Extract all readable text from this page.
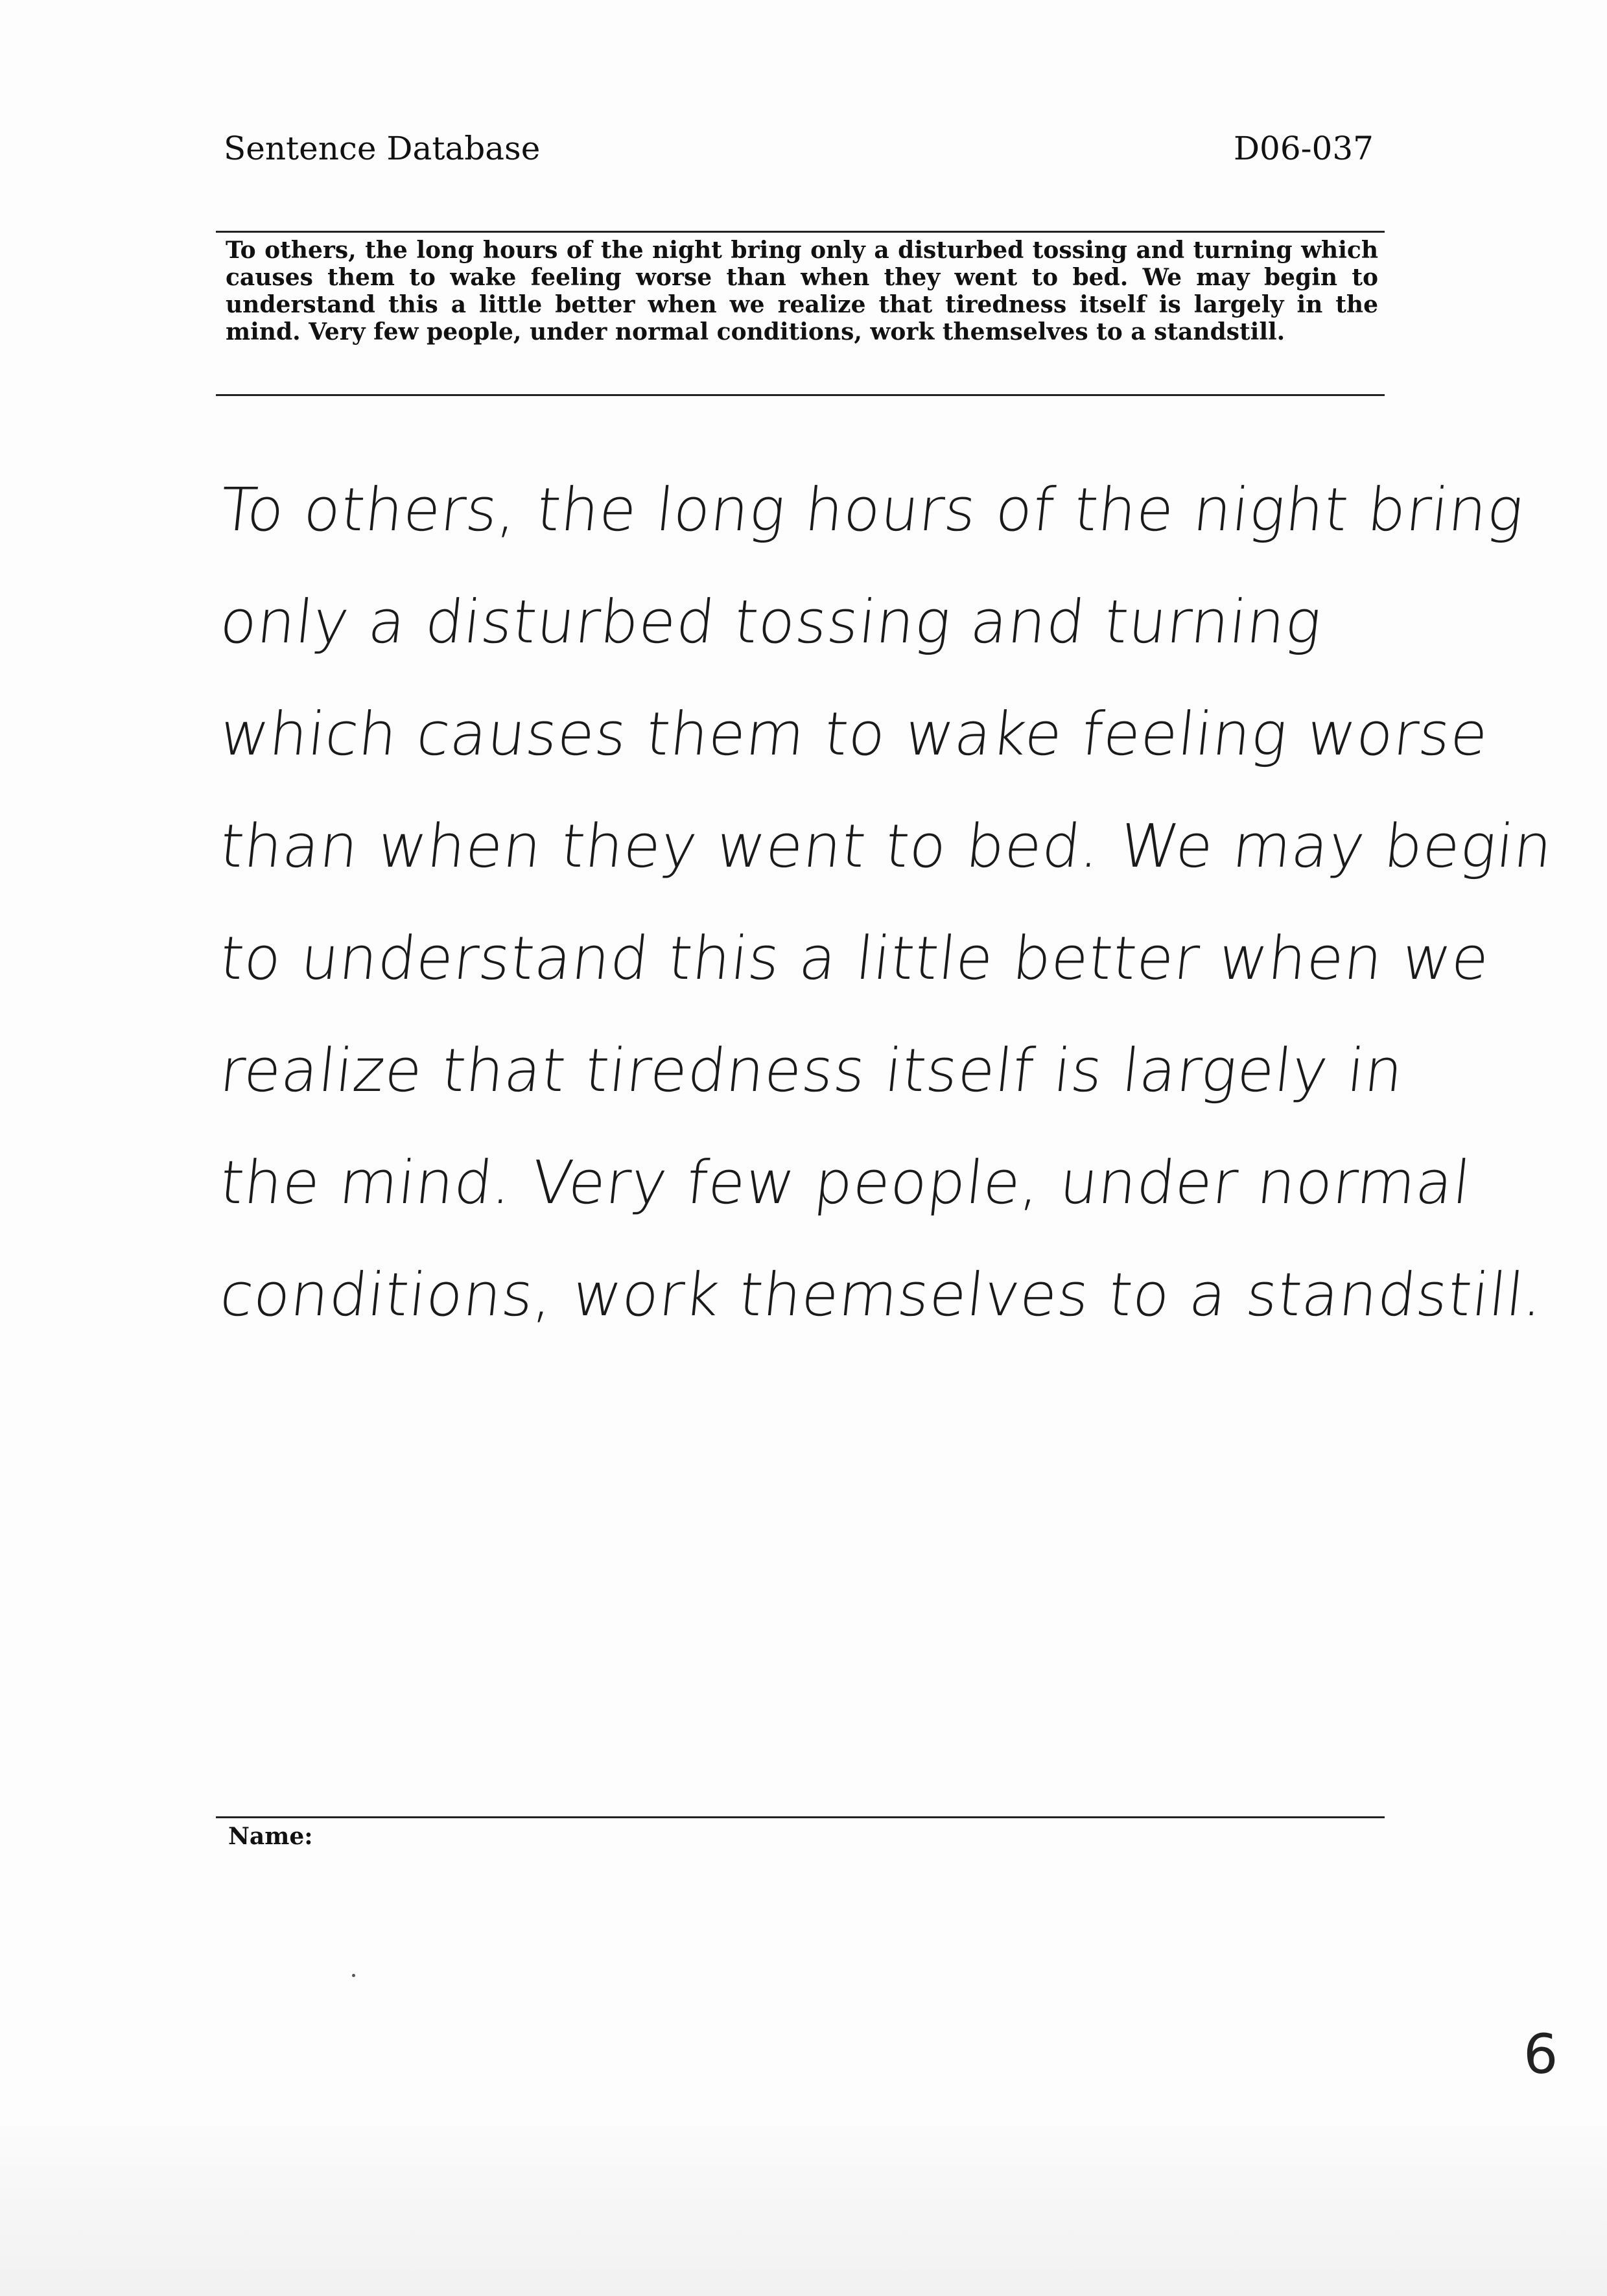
Sentence Database	D06-037
To others, the long hours of the night bring only a disturbed tossing and turning which causes them to wake feeling worse than when they went to bed. We may begin to understand this a little better when we realize that tiredness itself is largely in the mind. Very few people, under normal conditions, work themselves to a standstill.
To others, the long hours of the night bring
only a disturbed tossing and turning
which causes them to wake feeling worse
than when they went to bed. We may begin
to understand this a little better when we
realize that tiredness itself is largely in
the mind. Very few people, under normal
conditions, work themselves to a standstill.
Name:
6
